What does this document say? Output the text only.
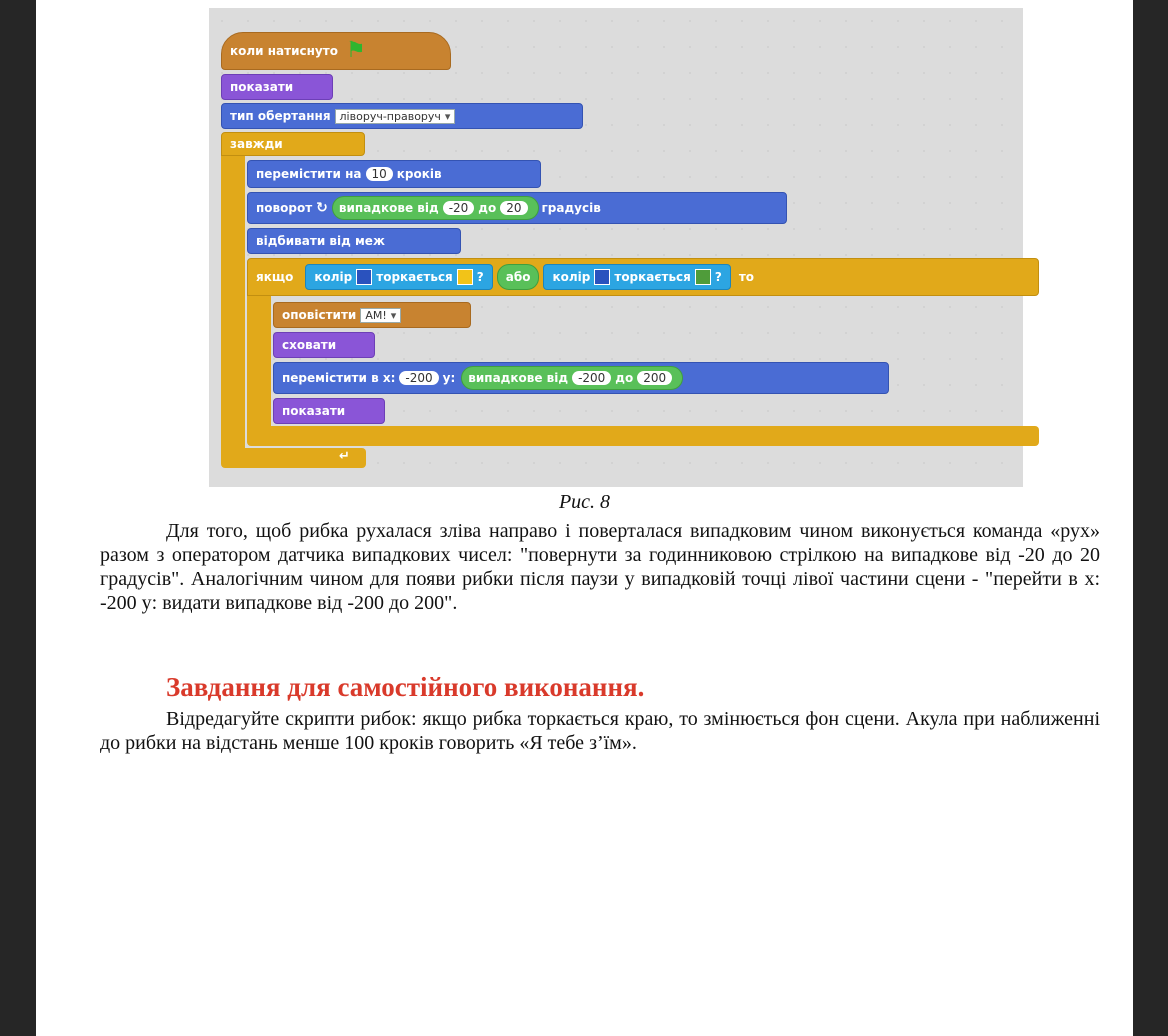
↵
коли натиснуто ⚑
показати
тип обертання ліворуч-праворуч ▾
завжди
перемістити на 10 кроків
поворот ↻ випадкове від -20 до 20	градусів
відбивати від меж
якщо колір торкається ? або колір торкається ? то
оповістити AM! ▾
сховати
перемістити в x: -200 y: випадкове від -200 до 200
показати
Рис. 8

Для того, щоб рибка рухалася зліва направо і поверталася випадковим чином виконується команда «рух» разом з оператором датчика випадкових чисел: "повернути за годинниковою стрілкою на випадкове від -20 до 20 градусів". Аналогічним чином для появи рибки після паузи у випадковій точці лівої частини сцени - "перейти в x: -200 y: видати випадкове від -200 до 200".

Завдання для самостійного виконання.

Відредагуйте скрипти рибок: якщо рибка торкається краю, то змінюється фон сцени. Акула при наближенні до рибки на відстань менше 100 кроків говорить «Я тебе з’їм».
